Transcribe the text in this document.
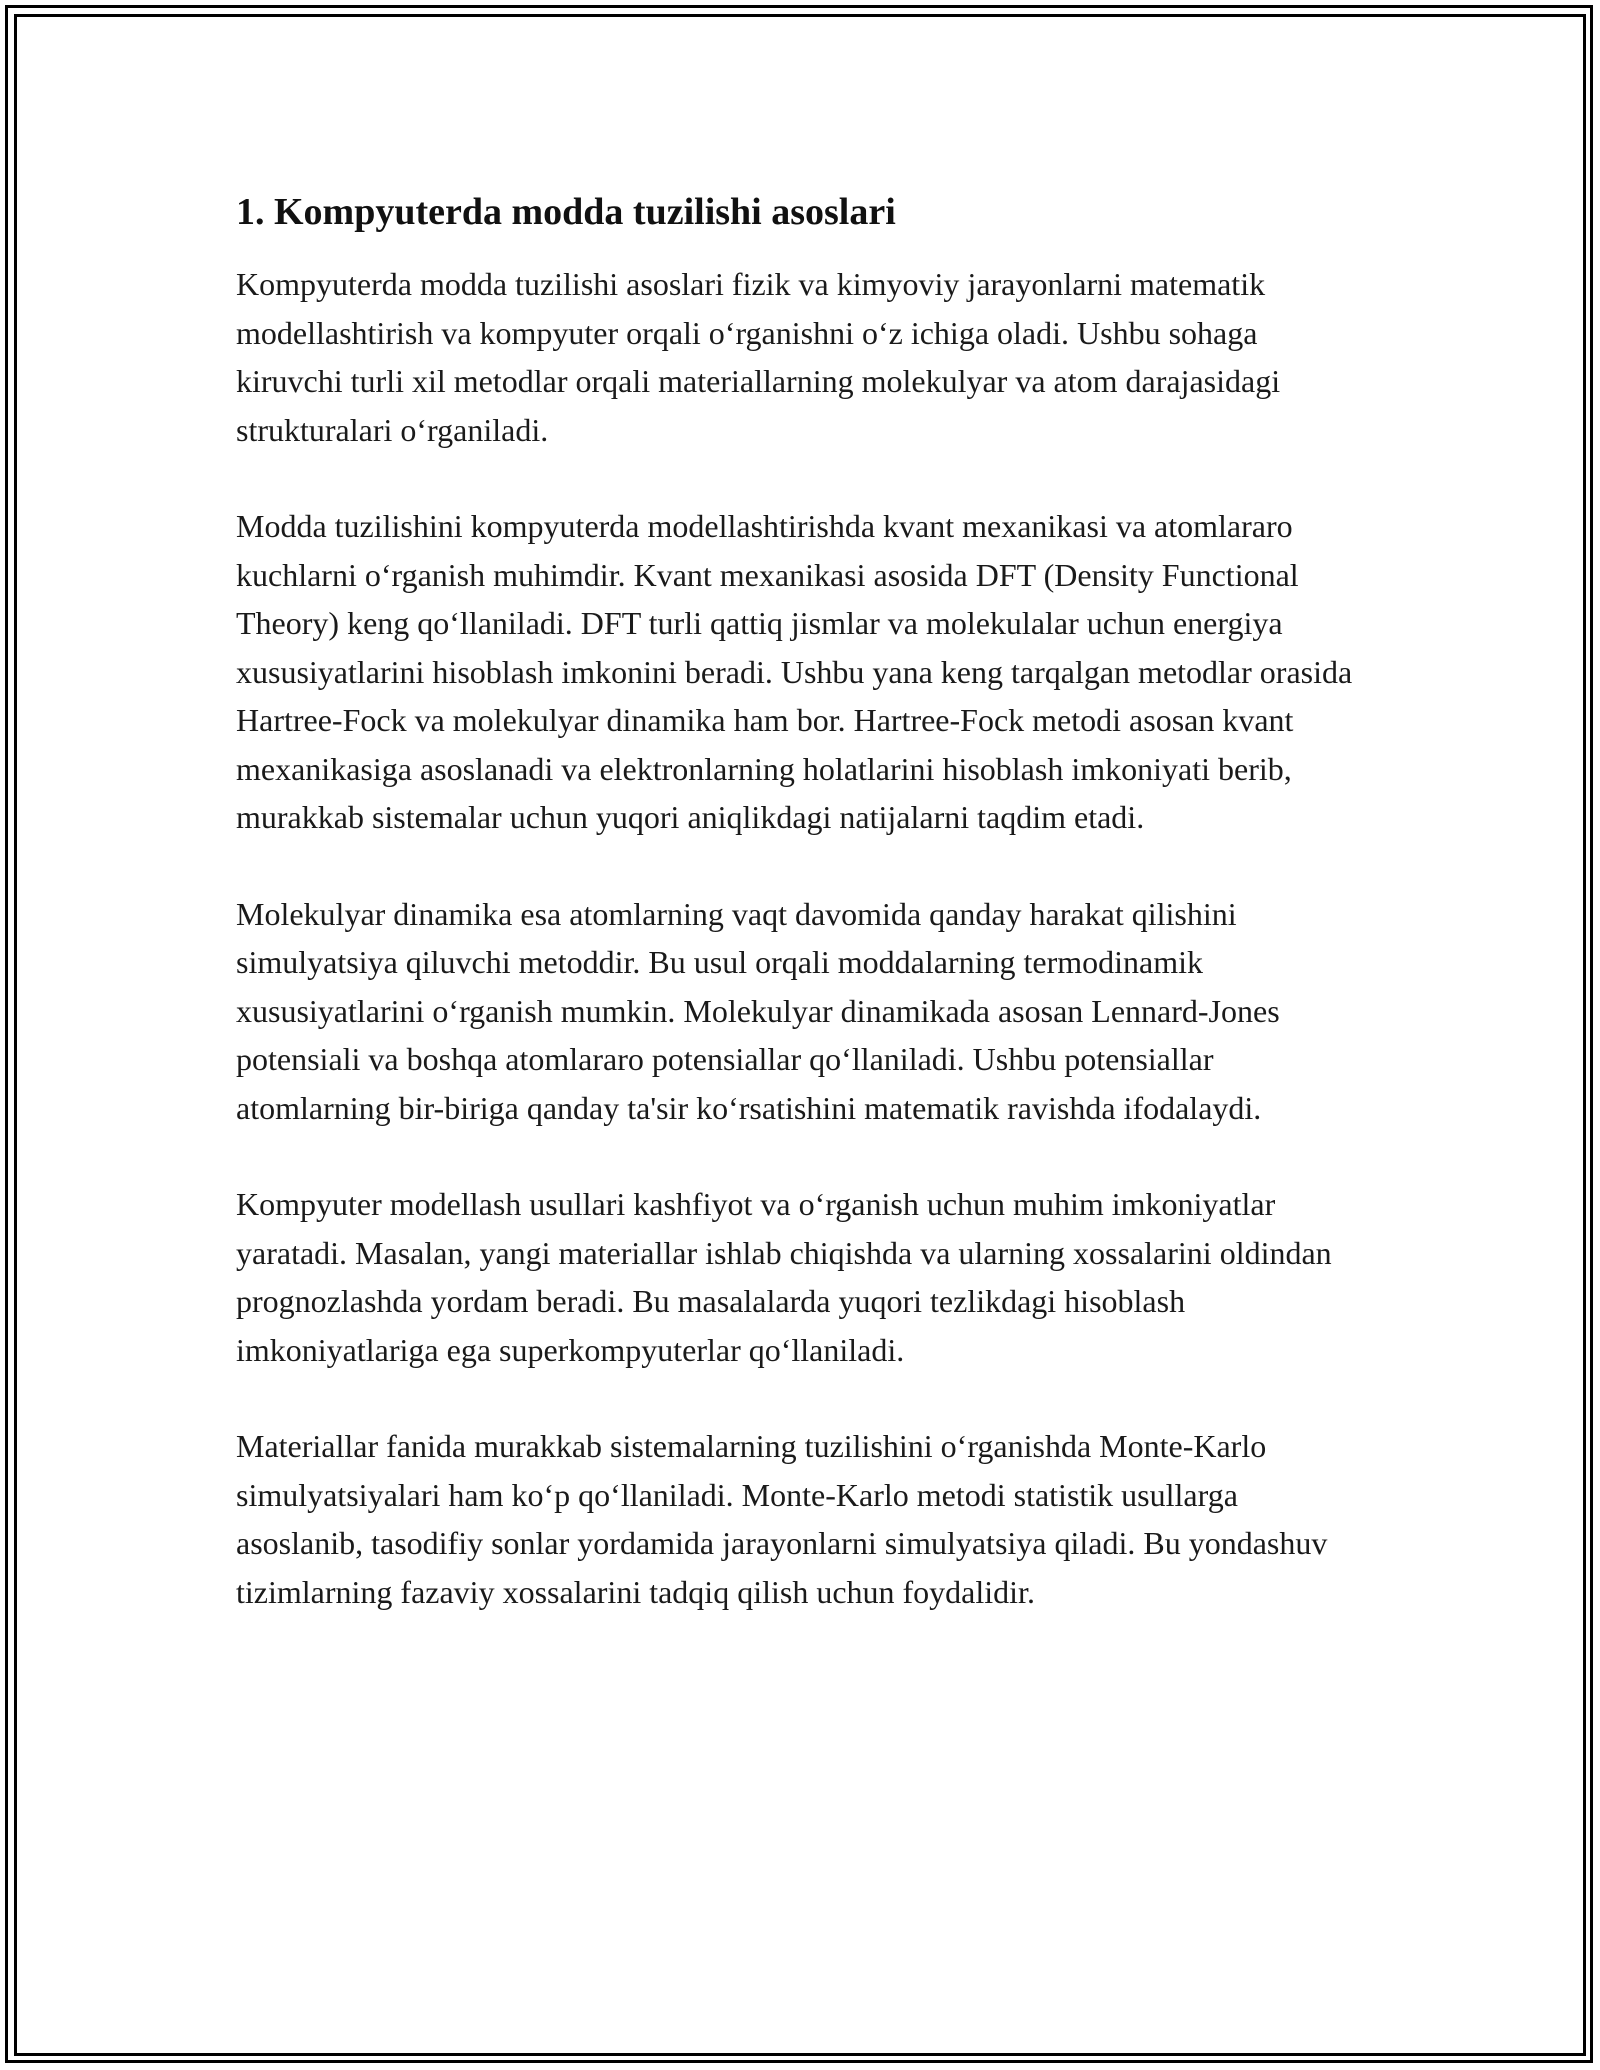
1. Kompyuterda modda tuzilishi asoslari

Kompyuterda modda tuzilishi asoslari fizik va kimyoviy jarayonlarni matematik modellashtirish va kompyuter orqali o‘rganishni o‘z ichiga oladi. Ushbu sohaga kiruvchi turli xil metodlar orqali materiallarning molekulyar va atom darajasidagi strukturalari o‘rganiladi.

Modda tuzilishini kompyuterda modellashtirishda kvant mexanikasi va atomlararo kuchlarni o‘rganish muhimdir. Kvant mexanikasi asosida DFT (Density Functional Theory) keng qo‘llaniladi. DFT turli qattiq jismlar va molekulalar uchun energiya xususiyatlarini hisoblash imkonini beradi. Ushbu yana keng tarqalgan metodlar orasida Hartree-Fock va molekulyar dinamika ham bor. Hartree-Fock metodi asosan kvant mexanikasiga asoslanadi va elektronlarning holatlarini hisoblash imkoniyati berib, murakkab sistemalar uchun yuqori aniqlikdagi natijalarni taqdim etadi.

Molekulyar dinamika esa atomlarning vaqt davomida qanday harakat qilishini simulyatsiya qiluvchi metoddir. Bu usul orqali moddalarning termodinamik xususiyatlarini o‘rganish mumkin. Molekulyar dinamikada asosan Lennard-Jones potensiali va boshqa atomlararo potensiallar qo‘llaniladi. Ushbu potensiallar atomlarning bir-biriga qanday ta'sir ko‘rsatishini matematik ravishda ifodalaydi.

Kompyuter modellash usullari kashfiyot va o‘rganish uchun muhim imkoniyatlar yaratadi. Masalan, yangi materiallar ishlab chiqishda va ularning xossalarini oldindan prognozlashda yordam beradi. Bu masalalarda yuqori tezlikdagi hisoblash imkoniyatlariga ega superkompyuterlar qo‘llaniladi.

Materiallar fanida murakkab sistemalarning tuzilishini o‘rganishda Monte-Karlo simulyatsiyalari ham ko‘p qo‘llaniladi. Monte-Karlo metodi statistik usullarga asoslanib, tasodifiy sonlar yordamida jarayonlarni simulyatsiya qiladi. Bu yondashuv tizimlarning fazaviy xossalarini tadqiq qilish uchun foydalidir.
